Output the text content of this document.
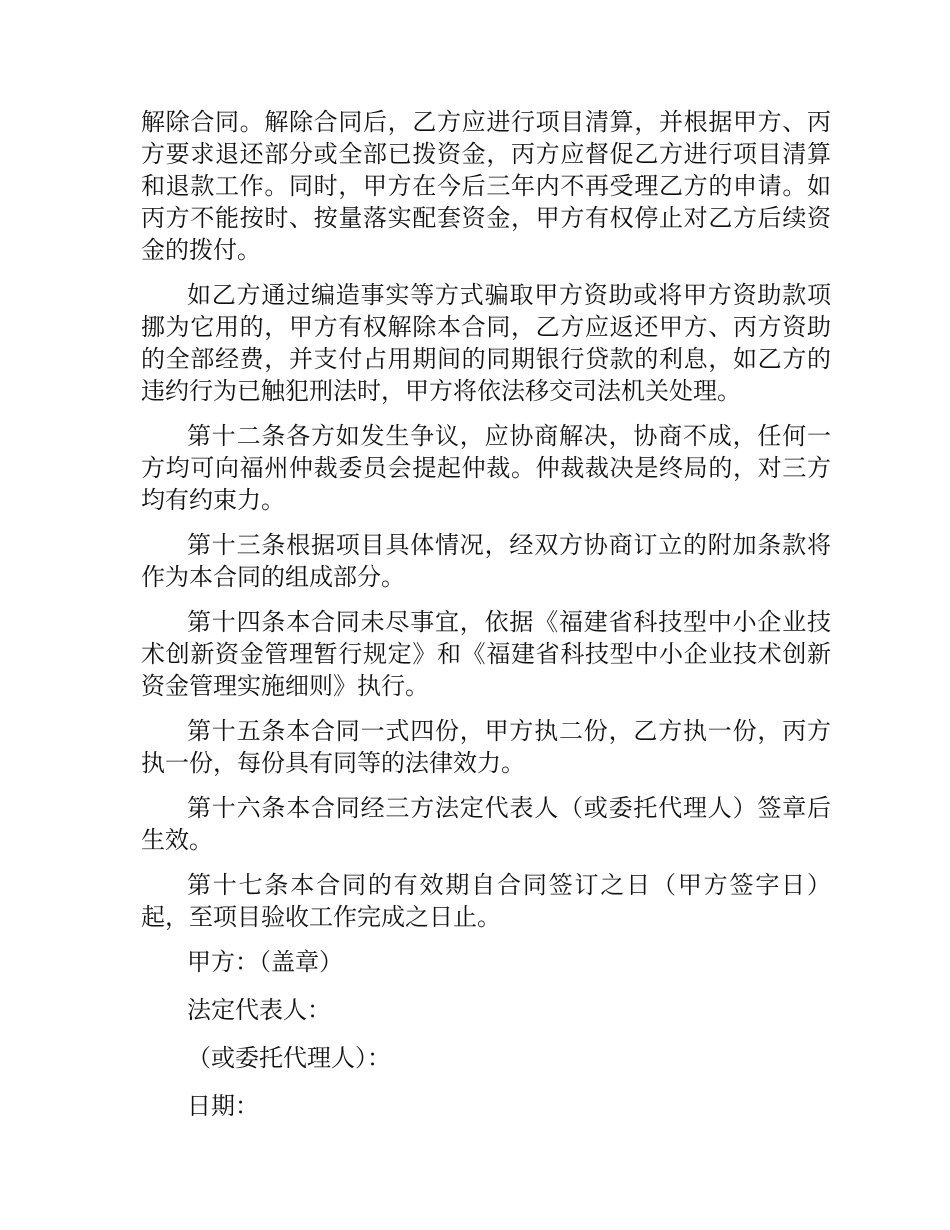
解除合同。解除合同后，乙方应进行项目清算，并根据甲方、丙方要求退还部分或全部已拨资金，丙方应督促乙方进行项目清算和退款工作。同时，甲方在今后三年内不再受理乙方的申请。如丙方不能按时、按量落实配套资金，甲方有权停止对乙方后续资金的拨付。

如乙方通过编造事实等方式骗取甲方资助或将甲方资助款项挪为它用的，甲方有权解除本合同，乙方应返还甲方、丙方资助的全部经费，并支付占用期间的同期银行贷款的利息，如乙方的违约行为已触犯刑法时，甲方将依法移交司法机关处理。

第十二条各方如发生争议，应协商解决，协商不成，任何一方均可向福州仲裁委员会提起仲裁。仲裁裁决是终局的，对三方均有约束力。

第十三条根据项目具体情况，经双方协商订立的附加条款将作为本合同的组成部分。

第十四条本合同未尽事宜，依据《福建省科技型中小企业技术创新资金管理暂行规定》和《福建省科技型中小企业技术创新资金管理实施细则》执行。

第十五条本合同一式四份，甲方执二份，乙方执一份，丙方执一份，每份具有同等的法律效力。

第十六条本合同经三方法定代表人（或委托代理人）签章后生效。

第十七条本合同的有效期自合同签订之日（甲方签字日）起，至项目验收工作完成之日止。

甲方：（盖章）

法定代表人：

（或委托代理人）：

日期：
